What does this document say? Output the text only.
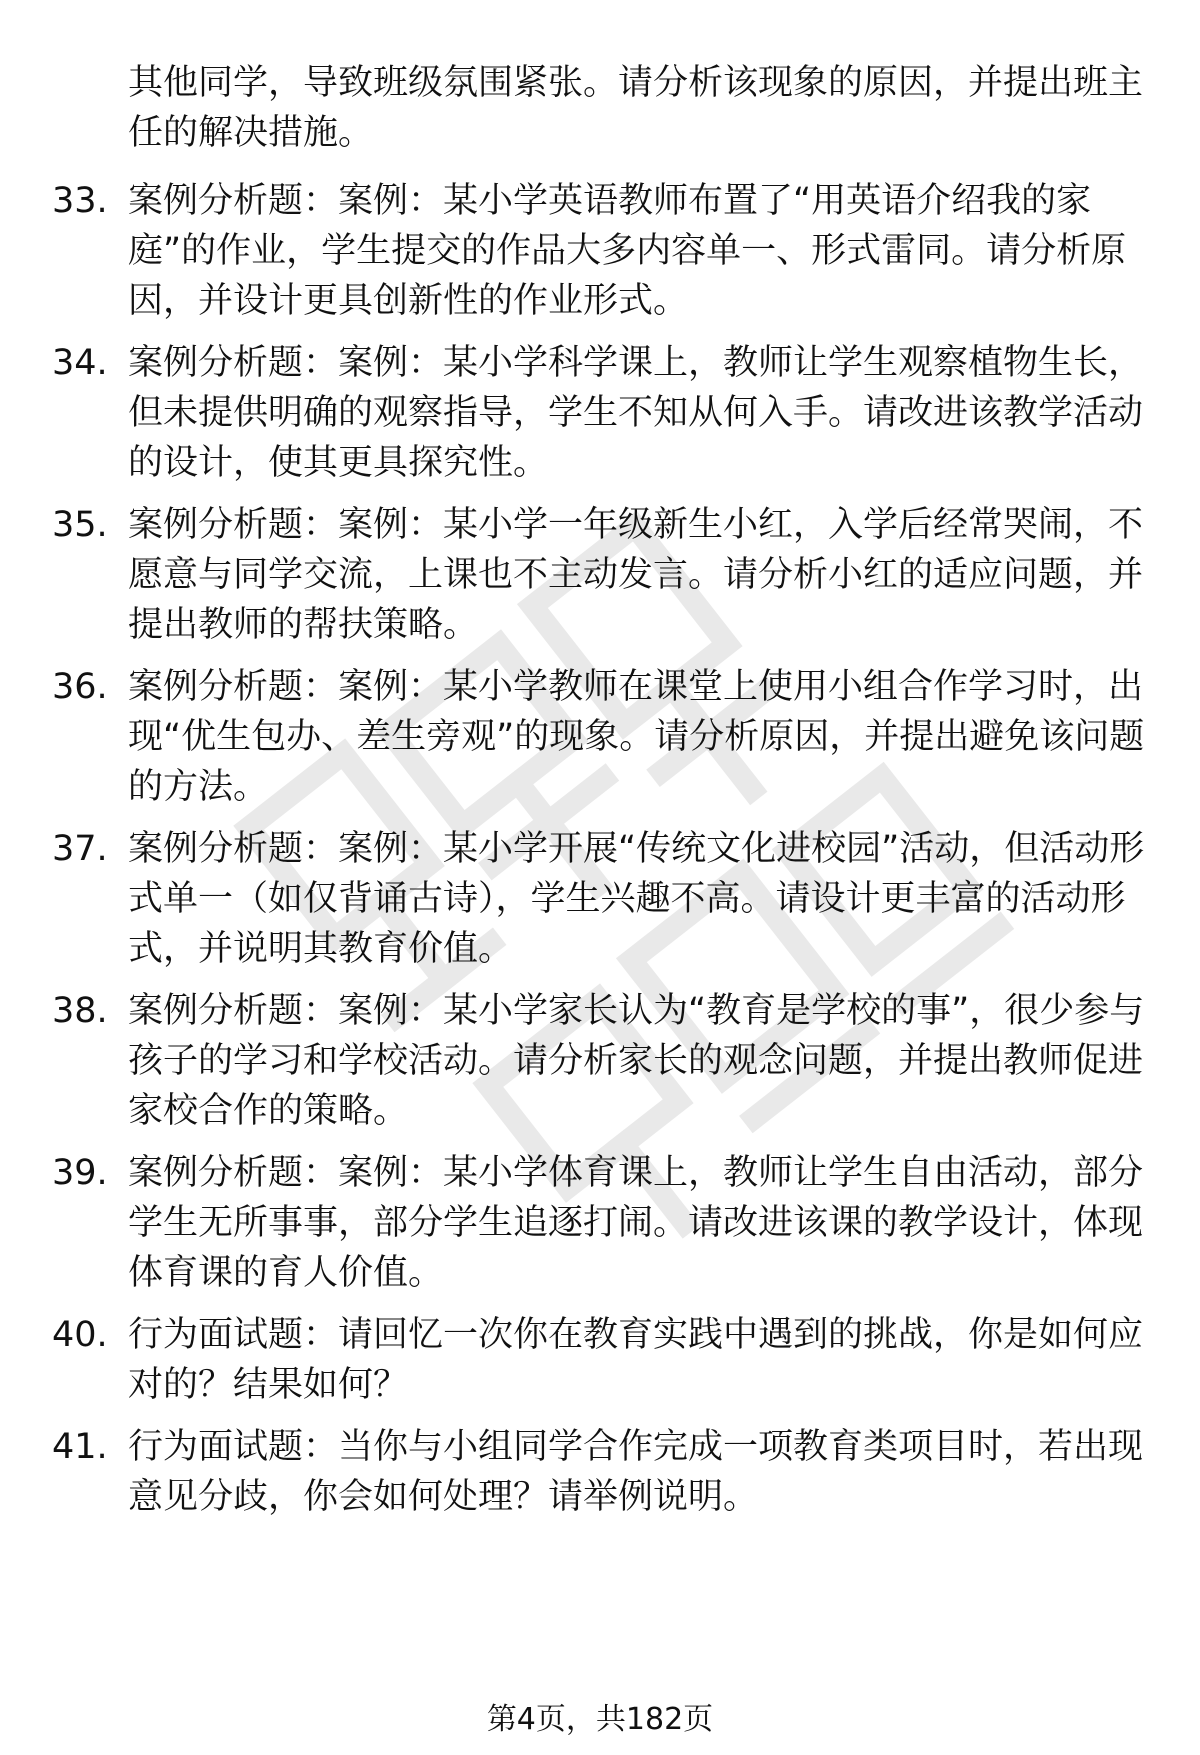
其他同学，导致班级氛围紧张。请分析该现象的原因，并提出班主任的解决措施。

33. 案例分析题：案例：某小学英语教师布置了“用英语介绍我的家庭”的作业，学生提交的作品大多内容单一、形式雷同。请分析原因，并设计更具创新性的作业形式。

34. 案例分析题：案例：某小学科学课上，教师让学生观察植物生长，但未提供明确的观察指导，学生不知从何入手。请改进该教学活动的设计，使其更具探究性。

35. 案例分析题：案例：某小学一年级新生小红，入学后经常哭闹，不愿意与同学交流，上课也不主动发言。请分析小红的适应问题，并提出教师的帮扶策略。

36. 案例分析题：案例：某小学教师在课堂上使用小组合作学习时，出现“优生包办、差生旁观”的现象。请分析原因，并提出避免该问题的方法。

37. 案例分析题：案例：某小学开展“传统文化进校园”活动，但活动形式单一（如仅背诵古诗），学生兴趣不高。请设计更丰富的活动形式，并说明其教育价值。

38. 案例分析题：案例：某小学家长认为“教育是学校的事”，很少参与孩子的学习和学校活动。请分析家长的观念问题，并提出教师促进家校合作的策略。

39. 案例分析题：案例：某小学体育课上，教师让学生自由活动，部分学生无所事事，部分学生追逐打闹。请改进该课的教学设计，体现体育课的育人价值。

40. 行为面试题：请回忆一次你在教育实践中遇到的挑战，你是如何应对的？结果如何？

41. 行为面试题：当你与小组同学合作完成一项教育类项目时，若出现意见分歧，你会如何处理？请举例说明。

第4页，共182页
